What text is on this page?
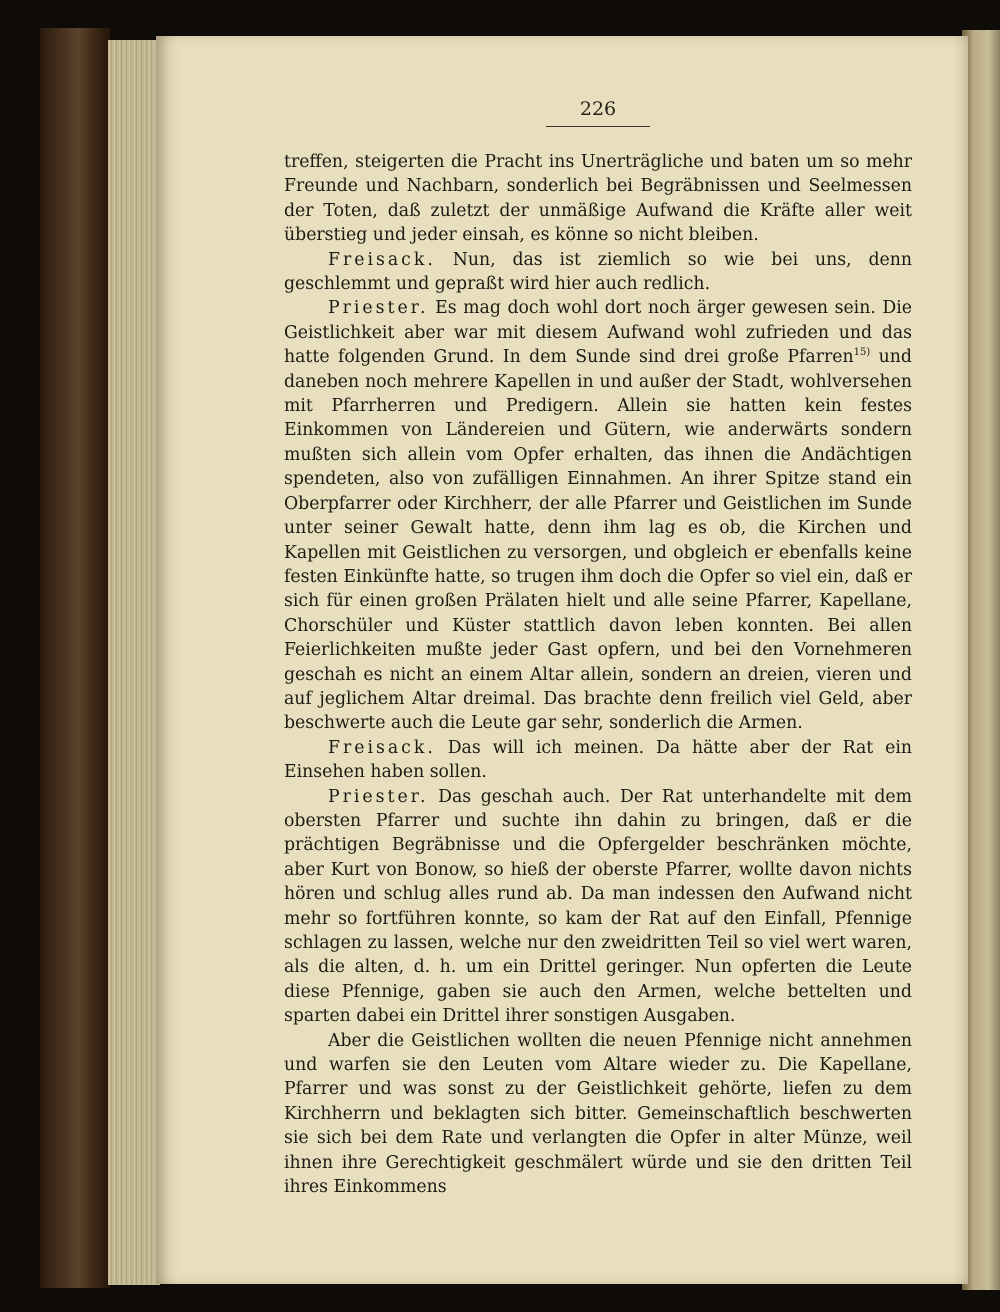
226

treffen, steigerten die Pracht ins Unerträgliche und baten um so mehr Freunde und Nachbarn, sonderlich bei Begräbnissen und Seelmessen der Toten, daß zuletzt der unmäßige Aufwand die Kräfte aller weit überstieg und jeder einsah, es könne so nicht bleiben.

Freisack. Nun, das ist ziemlich so wie bei uns, denn geschlemmt und gepraßt wird hier auch redlich.

Priester. Es mag doch wohl dort noch ärger gewesen sein. Die Geistlichkeit aber war mit diesem Aufwand wohl zufrieden und das hatte folgenden Grund. In dem Sunde sind drei große Pfarren$^{15)}$ und daneben noch mehrere Kapellen in und außer der Stadt, wohlversehen mit Pfarrherren und Predigern. Allein sie hatten kein festes Einkommen von Ländereien und Gütern, wie anderwärts sondern mußten sich allein vom Opfer erhalten, das ihnen die Andächtigen spendeten, also von zufälligen Einnahmen. An ihrer Spitze stand ein Oberpfarrer oder Kirchherr, der alle Pfarrer und Geistlichen im Sunde unter seiner Gewalt hatte, denn ihm lag es ob, die Kirchen und Kapellen mit Geistlichen zu versorgen, und obgleich er ebenfalls keine festen Einkünfte hatte, so trugen ihm doch die Opfer so viel ein, daß er sich für einen großen Prälaten hielt und alle seine Pfarrer, Kapellane, Chorschüler und Küster stattlich davon leben konnten. Bei allen Feierlichkeiten mußte jeder Gast opfern, und bei den Vornehmeren geschah es nicht an einem Altar allein, sondern an dreien, vieren und auf jeglichem Altar dreimal. Das brachte denn freilich viel Geld, aber beschwerte auch die Leute gar sehr, sonderlich die Armen.

Freisack. Das will ich meinen. Da hätte aber der Rat ein Einsehen haben sollen.

Priester. Das geschah auch. Der Rat unterhandelte mit dem obersten Pfarrer und suchte ihn dahin zu bringen, daß er die prächtigen Begräbnisse und die Opfergelder beschränken möchte, aber Kurt von Bonow, so hieß der oberste Pfarrer, wollte davon nichts hören und schlug alles rund ab. Da man indessen den Aufwand nicht mehr so fortführen konnte, so kam der Rat auf den Einfall, Pfennige schlagen zu lassen, welche nur den zweidritten Teil so viel wert waren, als die alten, d. h. um ein Drittel geringer. Nun opferten die Leute diese Pfennige, gaben sie auch den Armen, welche bettelten und sparten dabei ein Drittel ihrer sonstigen Ausgaben.

Aber die Geistlichen wollten die neuen Pfennige nicht annehmen und warfen sie den Leuten vom Altare wieder zu. Die Kapellane, Pfarrer und was sonst zu der Geistlichkeit gehörte, liefen zu dem Kirchherrn und beklagten sich bitter. Gemeinschaftlich beschwerten sie sich bei dem Rate und verlangten die Opfer in alter Münze, weil ihnen ihre Gerechtigkeit geschmälert würde und sie den dritten Teil ihres Einkommens
